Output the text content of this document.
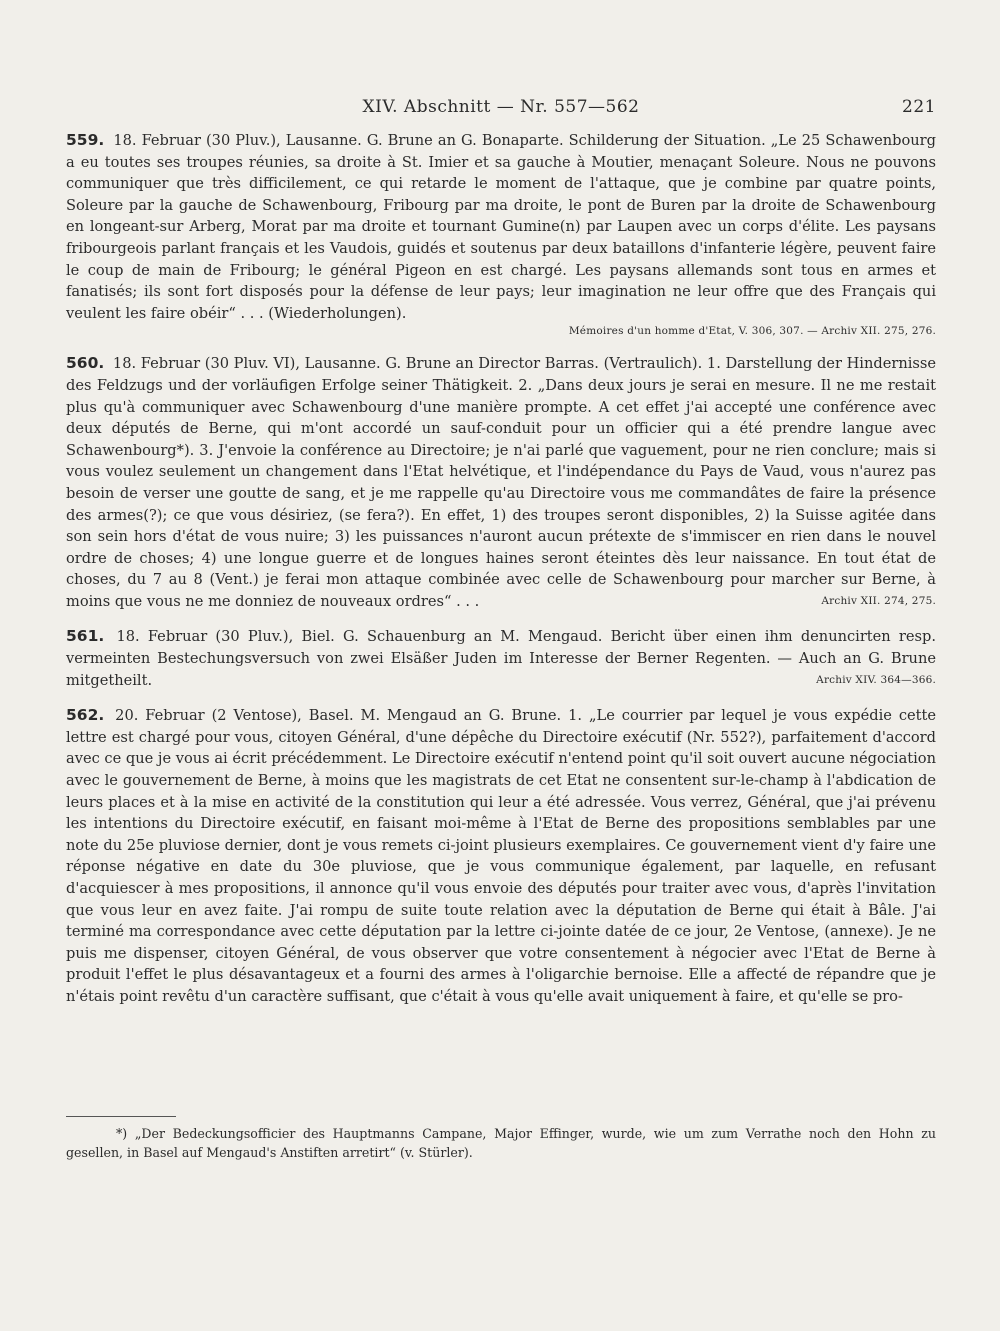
XIV. Abschnitt — Nr. 557—562	221
559. 18. Februar (30 Pluv.), Lausanne. G. Brune an G. Bonaparte. Schilderung der Situation. „Le 25 Schawenbourg a eu toutes ses troupes réunies, sa droite à St. Imier et sa gauche à Moutier, menaçant Soleure. Nous ne pouvons communiquer que très difficilement, ce qui retarde le moment de l'attaque, que je combine par quatre points, Soleure par la gauche de Schawenbourg, Fribourg par ma droite, le pont de Buren par la droite de Schawenbourg en longeant-sur Arberg, Morat par ma droite et tournant Gumine(n) par Laupen avec un corps d'élite. Les paysans fribourgeois parlant français et les Vaudois, guidés et soutenus par deux bataillons d'infanterie légère, peuvent faire le coup de main de Fribourg; le général Pigeon en est chargé. Les paysans allemands sont tous en armes et fanatisés; ils sont fort disposés pour la défense de leur pays; leur imagination ne leur offre que des Français qui veulent les faire obéir“ . . . (Wiederholungen).
Mémoires d'un homme d'Etat, V. 306, 307. — Archiv XII. 275, 276.
560. 18. Februar (30 Pluv. VI), Lausanne. G. Brune an Director Barras. (Vertraulich). 1. Darstellung der Hindernisse des Feldzugs und der vorläufigen Erfolge seiner Thätigkeit. 2. „Dans deux jours je serai en mesure. Il ne me restait plus qu'à communiquer avec Schawenbourg d'une manière prompte. A cet effet j'ai accepté une conférence avec deux députés de Berne, qui m'ont accordé un sauf-conduit pour un officier qui a été prendre langue avec Schawenbourg*). 3. J'envoie la conférence au Directoire; je n'ai parlé que vaguement, pour ne rien conclure; mais si vous voulez seulement un changement dans l'Etat helvétique, et l'indépendance du Pays de Vaud, vous n'aurez pas besoin de verser une goutte de sang, et je me rappelle qu'au Directoire vous me commandâtes de faire la présence des armes(?); ce que vous désiriez, (se fera?). En effet, 1) des troupes seront disponibles, 2) la Suisse agitée dans son sein hors d'état de vous nuire; 3) les puissances n'auront aucun prétexte de s'immiscer en rien dans le nouvel ordre de choses; 4) une longue guerre et de longues haines seront éteintes dès leur naissance. En tout état de choses, du 7 au 8 (Vent.) je ferai mon attaque combinée avec celle de Schawenbourg pour marcher sur Berne, à moins que vous ne me donniez de nouveaux ordres“ . . .	Archiv XII. 274, 275.
561. 18. Februar (30 Pluv.), Biel. G. Schauenburg an M. Mengaud. Bericht über einen ihm denuncirten resp. vermeinten Bestechungsversuch von zwei Elsäßer Juden im Interesse der Berner Regenten. — Auch an G. Brune mitgetheilt.	Archiv XIV. 364—366.
562. 20. Februar (2 Ventose), Basel. M. Mengaud an G. Brune. 1. „Le courrier par lequel je vous expédie cette lettre est chargé pour vous, citoyen Général, d'une dépêche du Directoire exécutif (Nr. 552?), parfaitement d'accord avec ce que je vous ai écrit précédemment. Le Directoire exécutif n'entend point qu'il soit ouvert aucune négociation avec le gouvernement de Berne, à moins que les magistrats de cet Etat ne consentent sur-le-champ à l'abdication de leurs places et à la mise en activité de la constitution qui leur a été adressée. Vous verrez, Général, que j'ai prévenu les intentions du Directoire exécutif, en faisant moi-même à l'Etat de Berne des propositions semblables par une note du 25e pluviose dernier, dont je vous remets ci-joint plusieurs exemplaires. Ce gouvernement vient d'y faire une réponse négative en date du 30e pluviose, que je vous communique également, par laquelle, en refusant d'acquiescer à mes propositions, il annonce qu'il vous envoie des députés pour traiter avec vous, d'après l'invitation que vous leur en avez faite. J'ai rompu de suite toute relation avec la députation de Berne qui était à Bâle. J'ai terminé ma correspondance avec cette députation par la lettre ci-jointe datée de ce jour, 2e Ventose, (annexe). Je ne puis me dispenser, citoyen Général, de vous observer que votre consentement à négocier avec l'Etat de Berne à produit l'effet le plus désavantageux et a fourni des armes à l'oligarchie bernoise. Elle a affecté de répandre que je n'étais point revêtu d'un caractère suffisant, que c'était à vous qu'elle avait uniquement à faire, et qu'elle se pro-
*) „Der Bedeckungsofficier des Hauptmanns Campane, Major Effinger, wurde, wie um zum Verrathe noch den Hohn zu gesellen, in Basel auf Mengaud's Anstiften arretirt“ (v. Stürler).
